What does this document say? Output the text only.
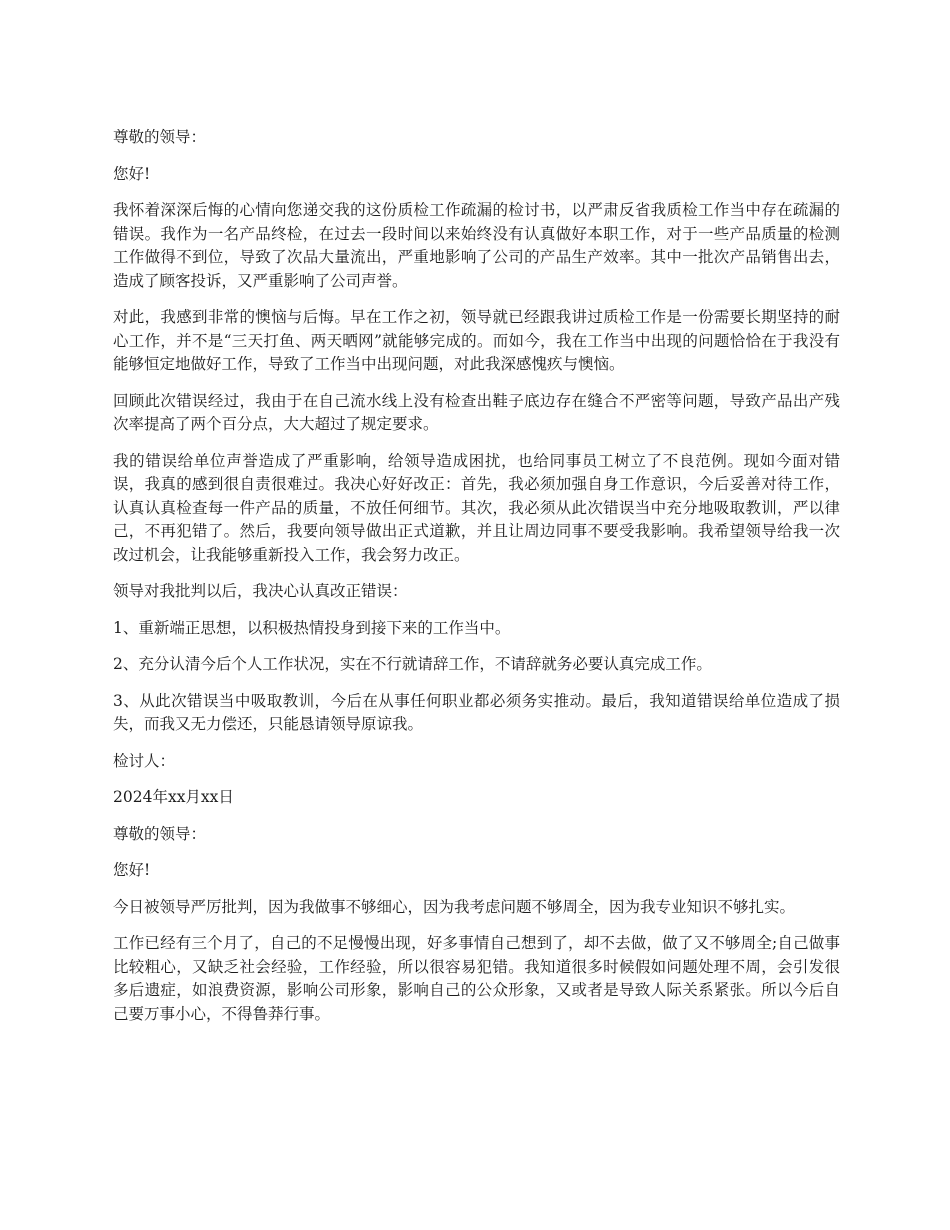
尊敬的领导：

您好!

我怀着深深后悔的心情向您递交我的这份质检工作疏漏的检讨书，以严肃反省我质检工作当中存在疏漏的错误。我作为一名产品终检，在过去一段时间以来始终没有认真做好本职工作，对于一些产品质量的检测工作做得不到位，导致了次品大量流出，严重地影响了公司的产品生产效率。其中一批次产品销售出去，造成了顾客投诉，又严重影响了公司声誉。

对此，我感到非常的懊恼与后悔。早在工作之初，领导就已经跟我讲过质检工作是一份需要长期坚持的耐心工作，并不是“三天打鱼、两天晒网”就能够完成的。而如今，我在工作当中出现的问题恰恰在于我没有能够恒定地做好工作，导致了工作当中出现问题，对此我深感愧疚与懊恼。

回顾此次错误经过，我由于在自己流水线上没有检查出鞋子底边存在缝合不严密等问题，导致产品出产残次率提高了两个百分点，大大超过了规定要求。

我的错误给单位声誉造成了严重影响，给领导造成困扰，也给同事员工树立了不良范例。现如今面对错误，我真的感到很自责很难过。我决心好好改正：首先，我必须加强自身工作意识，今后妥善对待工作，认真认真检查每一件产品的质量，不放任何细节。其次，我必须从此次错误当中充分地吸取教训，严以律己，不再犯错了。然后，我要向领导做出正式道歉，并且让周边同事不要受我影响。我希望领导给我一次改过机会，让我能够重新投入工作，我会努力改正。

领导对我批判以后，我决心认真改正错误：

1、重新端正思想，以积极热情投身到接下来的工作当中。

2、充分认清今后个人工作状况，实在不行就请辞工作，不请辞就务必要认真完成工作。

3、从此次错误当中吸取教训，今后在从事任何职业都必须务实推动。最后，我知道错误给单位造成了损失，而我又无力偿还，只能恳请领导原谅我。

检讨人：

2024年xx月xx日

尊敬的领导：

您好!

今日被领导严厉批判，因为我做事不够细心，因为我考虑问题不够周全，因为我专业知识不够扎实。

工作已经有三个月了，自己的不足慢慢出现，好多事情自己想到了，却不去做，做了又不够周全;自己做事比较粗心，又缺乏社会经验，工作经验，所以很容易犯错。我知道很多时候假如问题处理不周，会引发很多后遗症，如浪费资源，影响公司形象，影响自己的公众形象，又或者是导致人际关系紧张。所以今后自己要万事小心，不得鲁莽行事。
